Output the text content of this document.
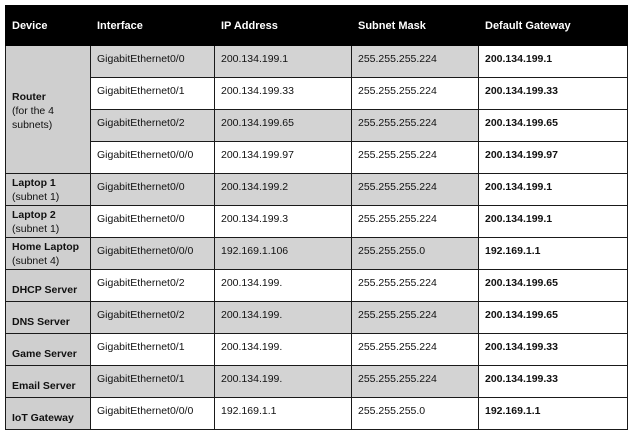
Device	Interface	IP Address	Subnet Mask	Default Gateway

Router
(for the 4 subnets)	GigabitEthernet0/0	200.134.199.1	255.255.255.224	200.134.199.1
	GigabitEthernet0/1	200.134.199.33	255.255.255.224	200.134.199.33
	GigabitEthernet0/2	200.134.199.65	255.255.255.224	200.134.199.65
	GigabitEthernet0/0/0	200.134.199.97	255.255.255.224	200.134.199.97
Laptop 1
(subnet 1)	GigabitEthernet0/0	200.134.199.2	255.255.255.224	200.134.199.1
Laptop 2
(subnet 1)	GigabitEthernet0/0	200.134.199.3	255.255.255.224	200.134.199.1
Home Laptop
(subnet 4)	GigabitEthernet0/0/0	192.169.1.106	255.255.255.0	192.169.1.1
DHCP Server	GigabitEthernet0/2	200.134.199.	255.255.255.224	200.134.199.65
DNS Server	GigabitEthernet0/2	200.134.199.	255.255.255.224	200.134.199.65
Game Server	GigabitEthernet0/1	200.134.199.	255.255.255.224	200.134.199.33
Email Server	GigabitEthernet0/1	200.134.199.	255.255.255.224	200.134.199.33
IoT Gateway	GigabitEthernet0/0/0	192.169.1.1	255.255.255.0	192.169.1.1
